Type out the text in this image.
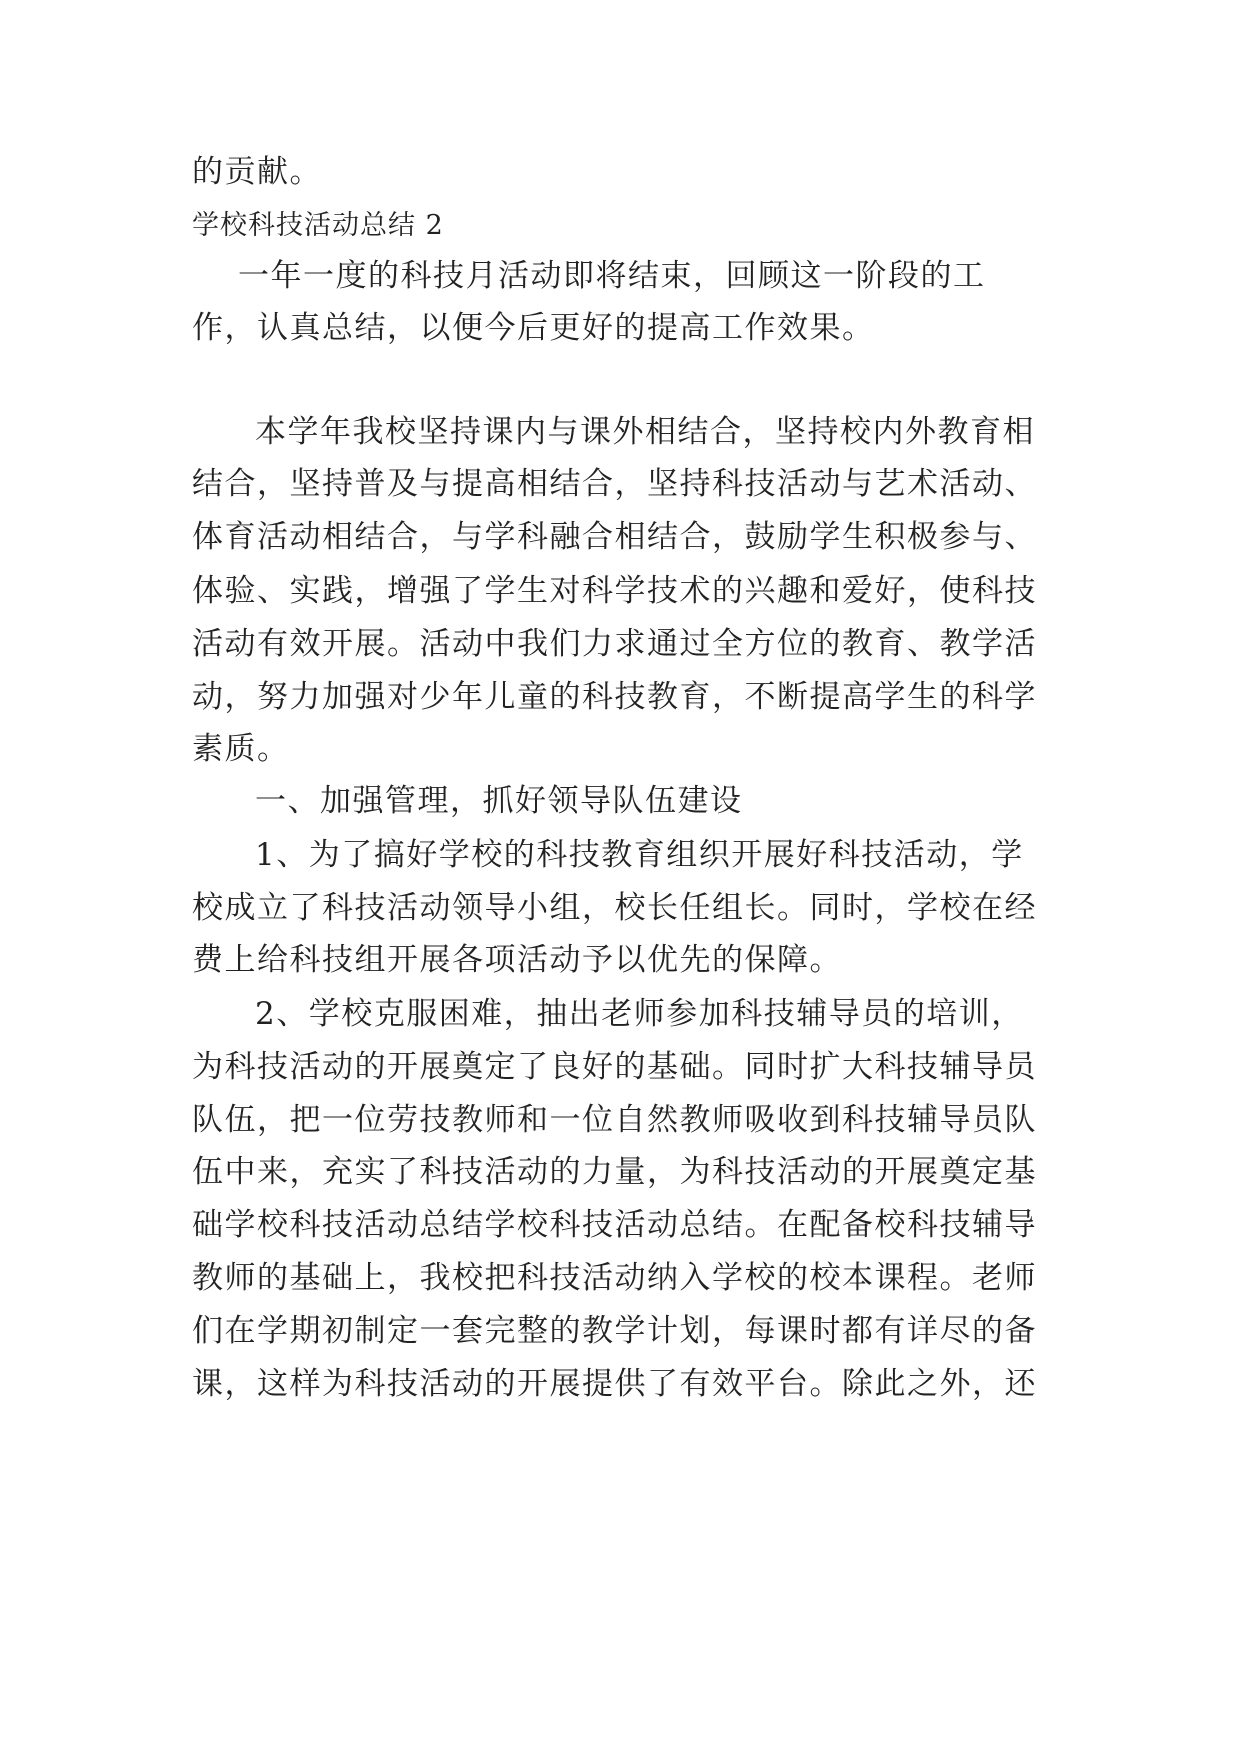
的贡献。
学校科技活动总结 2
一年一度的科技月活动即将结束，回顾这一阶段的工
作，认真总结，以便今后更好的提高工作效果。
本学年我校坚持课内与课外相结合，坚持校内外教育相
结合，坚持普及与提高相结合，坚持科技活动与艺术活动、
体育活动相结合，与学科融合相结合，鼓励学生积极参与、
体验、实践，增强了学生对科学技术的兴趣和爱好，使科技
活动有效开展。活动中我们力求通过全方位的教育、教学活
动，努力加强对少年儿童的科技教育，不断提高学生的科学
素质。
一、加强管理，抓好领导队伍建设
1、为了搞好学校的科技教育组织开展好科技活动，学
校成立了科技活动领导小组，校长任组长。同时，学校在经
费上给科技组开展各项活动予以优先的保障。
2、学校克服困难，抽出老师参加科技辅导员的培训，
为科技活动的开展奠定了良好的基础。同时扩大科技辅导员
队伍，把一位劳技教师和一位自然教师吸收到科技辅导员队
伍中来，充实了科技活动的力量，为科技活动的开展奠定基
础学校科技活动总结学校科技活动总结。在配备校科技辅导
教师的基础上，我校把科技活动纳入学校的校本课程。老师
们在学期初制定一套完整的教学计划，每课时都有详尽的备
课，这样为科技活动的开展提供了有效平台。除此之外，还
